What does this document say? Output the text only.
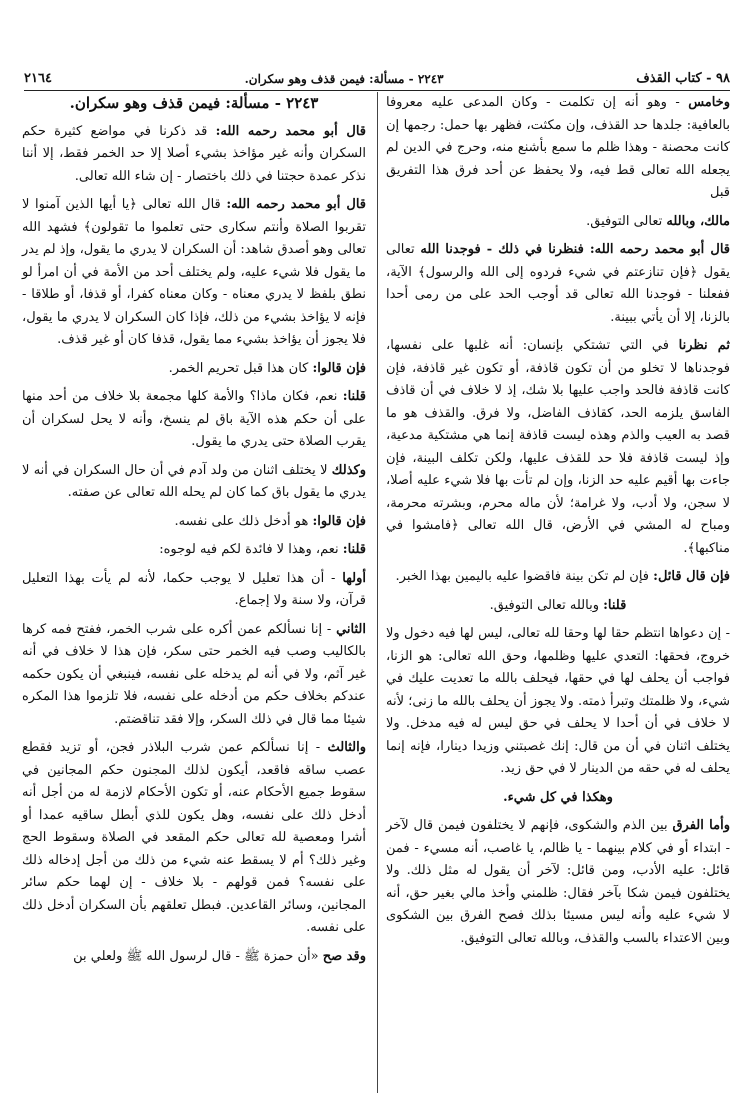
٩٨ - كتاب القذف
٢٢٤٣ - مسألة: فيمن قذف وهو سكران.
٢١٦٤

وخامس - وهو أنه إن تكلمت - وكان المدعى عليه معروفا بالعافية: جلدها حد القذف، وإن مكثت، فظهر بها حمل: رجمها إن كانت محصنة - وهذا ظلم ما سمع بأشنع منه، وحرج في الدين لم يجعله الله تعالى قط فيه، ولا يحفظ عن أحد فرق هذا التفريق قبل

مالك، وبالله تعالى التوفيق.

قال أبو محمد رحمه الله: فنظرنا في ذلك - فوجدنا الله تعالى يقول ﴿فإن تنازعتم في شيء فردوه إلى الله والرسول﴾ الآية، ففعلنا - فوجدنا الله تعالى قد أوجب الحد على من رمى أحدا بالزنا، إلا أن يأتي ببينة.

ثم نظرنا في التي تشتكي بإنسان: أنه غلبها على نفسها، فوجدناها لا تخلو من أن تكون قاذفة، أو تكون غير قاذفة، فإن كانت قاذفة فالحد واجب عليها بلا شك، إذ لا خلاف في أن قاذف الفاسق يلزمه الحد، كقاذف الفاضل، ولا فرق. والقذف هو ما قصد به العيب والذم وهذه ليست قاذفة إنما هي مشتكية مدعية، وإذ ليست قاذفة فلا حد للقذف عليها، ولكن تكلف البينة، فإن جاءت بها أقيم عليه حد الزنا، وإن لم تأت بها فلا شيء عليه أصلا، لا سجن، ولا أدب، ولا غرامة؛ لأن ماله محرم، وبشرته محرمة، ومباح له المشي في الأرض، قال الله تعالى ﴿فامشوا في مناكبها﴾.

فإن قال قائل: فإن لم تكن بينة فاقضوا عليه باليمين بهذا الخبر.

قلنا: وبالله تعالى التوفيق.

- إن دعواها انتظم حقا لها وحقا لله تعالى، ليس لها فيه دخول ولا خروج، فحقها: التعدي عليها وظلمها، وحق الله تعالى: هو الزنا، فواجب أن يحلف لها في حقها، فيحلف بالله ما تعديت عليك في شيء، ولا ظلمتك وتبرأ ذمته. ولا يجوز أن يحلف بالله ما زنى؛ لأنه لا خلاف في أن أحدا لا يحلف في حق ليس له فيه مدخل. ولا يختلف اثنان في أن من قال: إنك غصبتني وزيدا دينارا، فإنه إنما يحلف له في حقه من الدينار لا في حق زيد.

وهكذا في كل شيء.

وأما الفرق بين الذم والشكوى، فإنهم لا يختلفون فيمن قال لآخر - ابتداء أو في كلام بينهما - يا ظالم، يا غاصب، أنه مسيء - فمن قائل: عليه الأدب، ومن قائل: لآخر أن يقول له مثل ذلك. ولا يختلفون فيمن شكا بآخر فقال: ظلمني وأخذ مالي بغير حق، أنه لا شيء عليه وأنه ليس مسيئا بذلك فصح الفرق بين الشكوى وبين الاعتداء بالسب والقذف، وبالله تعالى التوفيق.

٢٢٤٣ - مسألة: فيمن قذف وهو سكران.

قال أبو محمد رحمه الله: قد ذكرنا في مواضع كثيرة حكم السكران وأنه غير مؤاخذ بشيء أصلا إلا حد الخمر فقط، إلا أننا نذكر عمدة حجتنا في ذلك باختصار - إن شاء الله تعالى.

قال أبو محمد رحمه الله: قال الله تعالى ﴿يا أيها الذين آمنوا لا تقربوا الصلاة وأنتم سكارى حتى تعلموا ما تقولون﴾ فشهد الله تعالى وهو أصدق شاهد: أن السكران لا يدري ما يقول، وإذ لم يدر ما يقول فلا شيء عليه، ولم يختلف أحد من الأمة في أن امرأ لو نطق بلفظ لا يدري معناه - وكان معناه كفرا، أو قذفا، أو طلاقا - فإنه لا يؤاخذ بشيء من ذلك، فإذا كان السكران لا يدري ما يقول، فلا يجوز أن يؤاخذ بشيء مما يقول، قذفا كان أو غير قذف.

فإن قالوا: كان هذا قبل تحريم الخمر.

قلنا: نعم، فكان ماذا؟ والأمة كلها مجمعة بلا خلاف من أحد منها على أن حكم هذه الآية باق لم ينسخ، وأنه لا يحل لسكران أن يقرب الصلاة حتى يدري ما يقول.

وكذلك لا يختلف اثنان من ولد آدم في أن حال السكران في أنه لا يدري ما يقول باق كما كان لم يحله الله تعالى عن صفته.

فإن قالوا: هو أدخل ذلك على نفسه.

قلنا: نعم، وهذا لا فائدة لكم فيه لوجوه:

أولها - أن هذا تعليل لا يوجب حكما، لأنه لم يأت بهذا التعليل قرآن، ولا سنة ولا إجماع.

الثاني - إنا نسألكم عمن أكره على شرب الخمر، ففتح فمه كرها بالكاليب وصب فيه الخمر حتى سكر، فإن هذا لا خلاف في أنه غير آثم، ولا في أنه لم يدخله على نفسه، فينبغي أن يكون حكمه عندكم بخلاف حكم من أدخله على نفسه، فلا تلزموا هذا المكره شيئا مما قال في ذلك السكر، وإلا فقد تناقضتم.

والثالث - إنا نسألكم عمن شرب البلاذر فجن، أو تزيد فقطع عصب ساقه فاقعد، أيكون لذلك المجنون حكم المجانين في سقوط جميع الأحكام عنه، أو تكون الأحكام لازمة له من أجل أنه أدخل ذلك على نفسه، وهل يكون للذي أبطل ساقيه عمدا أو أشرا ومعصية لله تعالى حكم المقعد في الصلاة وسقوط الحج وغير ذلك؟ أم لا يسقط عنه شيء من ذلك من أجل إدخاله ذلك على نفسه؟ فمن قولهم - بلا خلاف - إن لهما حكم سائر المجانين، وسائر القاعدين. فبطل تعلقهم بأن السكران أدخل ذلك على نفسه.

وقد صح «أن حمزة ﷺ - قال لرسول الله ﷺ ولعلي بن
